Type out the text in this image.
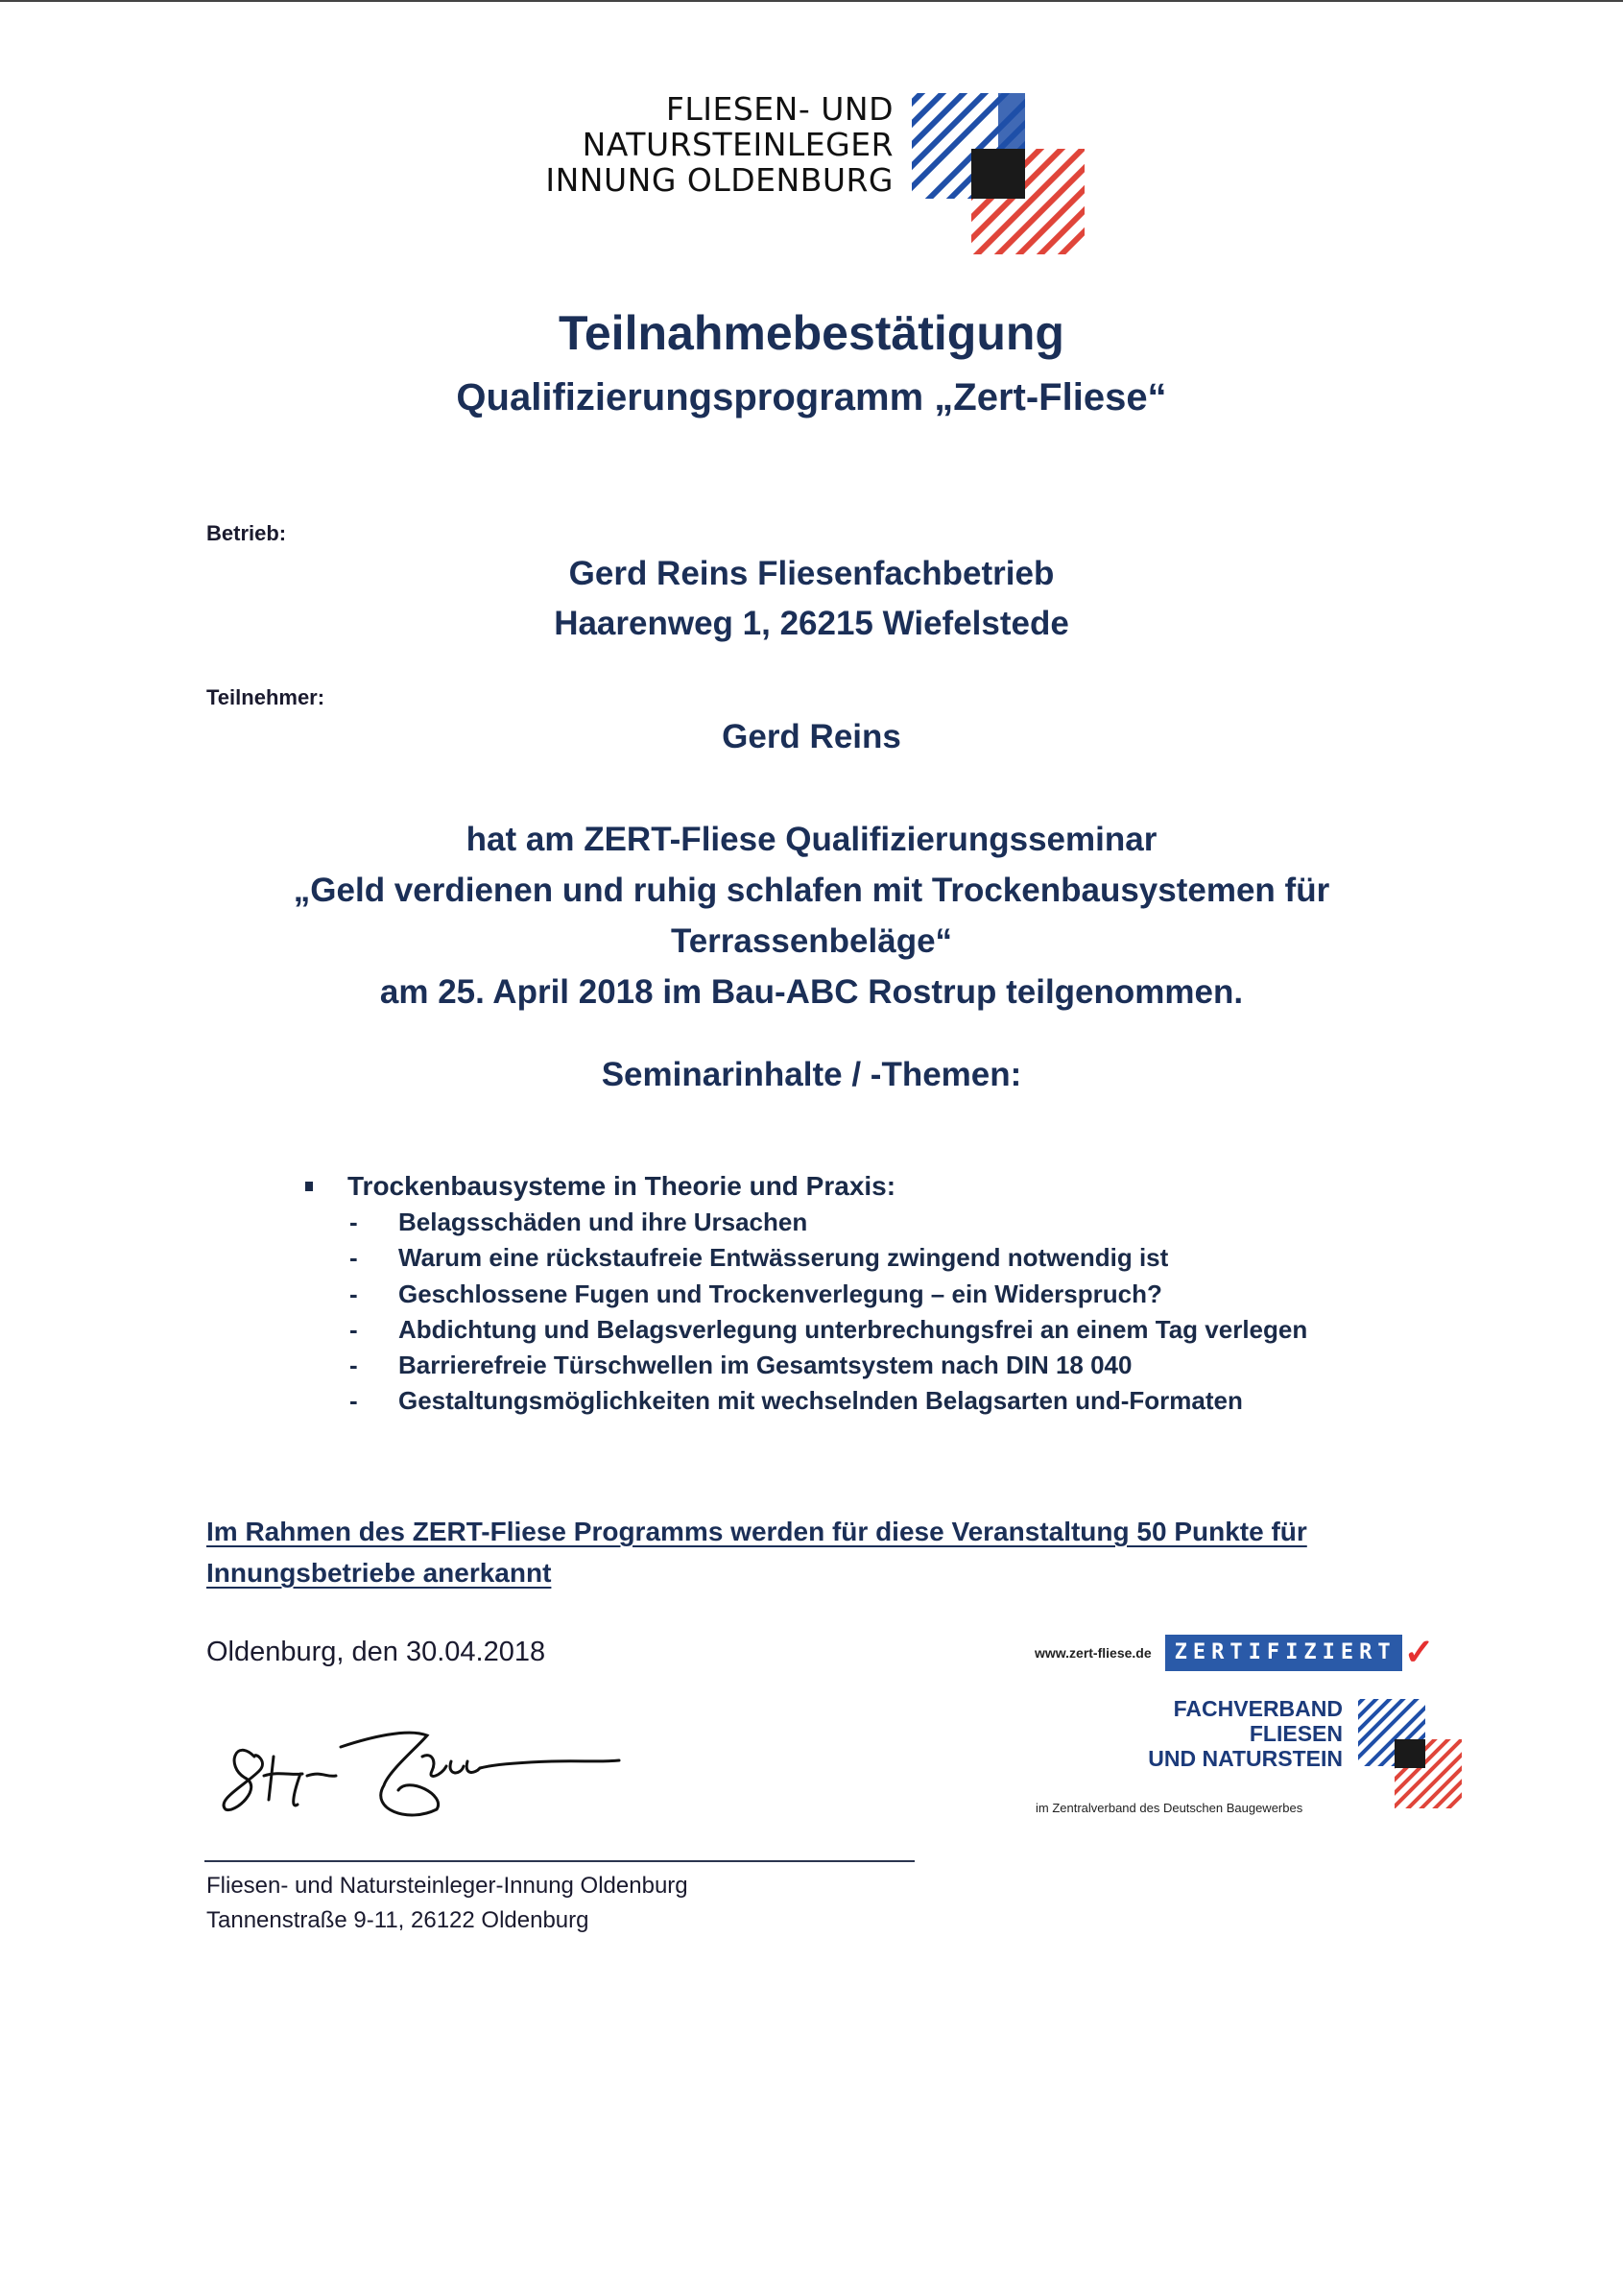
FLIESEN- UND
NATURSTEINLEGER
INNUNG OLDENBURG
Teilnahmebestätigung
Qualifizierungsprogramm „Zert-Fliese“
Betrieb:
Gerd Reins Fliesenfachbetrieb
Haarenweg 1, 26215 Wiefelstede
Teilnehmer:
Gerd Reins
hat am ZERT-Fliese Qualifizierungsseminar
„Geld verdienen und ruhig schlafen mit Trockenbausystemen für
Terrassenbeläge“
am 25. April 2018 im Bau-ABC Rostrup teilgenommen.
Seminarinhalte / -Themen:
Trockenbausysteme in Theorie und Praxis:
-	Belagsschäden und ihre Ursachen
-	Warum eine rückstaufreie Entwässerung zwingend notwendig ist
-	Geschlossene Fugen und Trockenverlegung – ein Widerspruch?
-	Abdichtung und Belagsverlegung unterbrechungsfrei an einem Tag verlegen
-	Barrierefreie Türschwellen im Gesamtsystem nach DIN 18 040
-	Gestaltungsmöglichkeiten mit wechselnden Belagsarten und-Formaten
Im Rahmen des ZERT-Fliese Programms werden für diese Veranstaltung 50 Punkte für
Innungsbetriebe anerkannt
Oldenburg, den 30.04.2018
Fliesen- und Natursteinleger-Innung Oldenburg
Tannenstraße 9-11, 26122 Oldenburg
www.zert-fliese.de	ZERTIFIZIERT ✓
FACHVERBAND
FLIESEN
UND NATURSTEIN
im Zentralverband des Deutschen Baugewerbes
